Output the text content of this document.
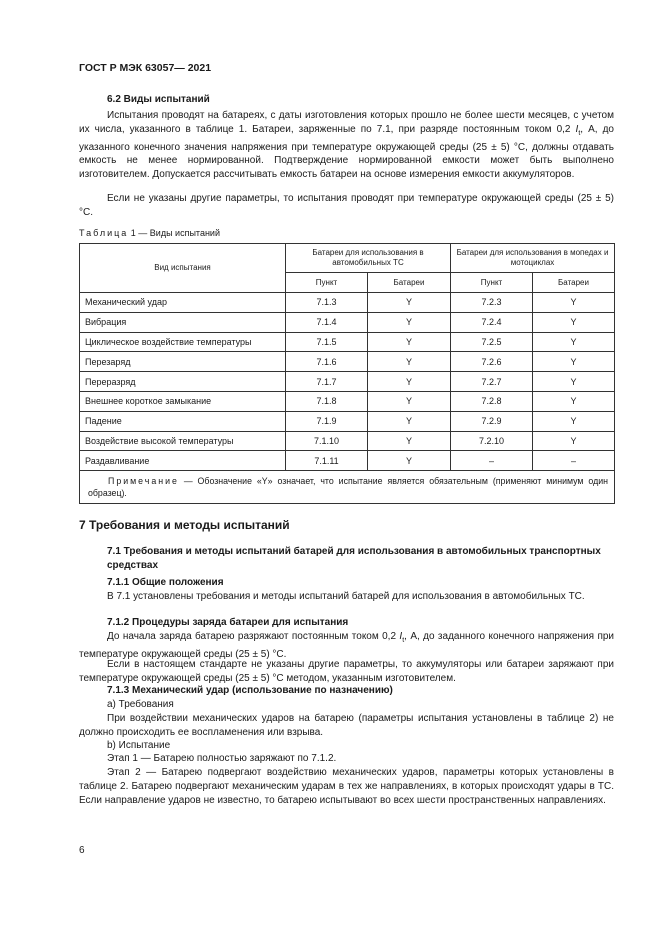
ГОСТ Р МЭК 63057— 2021
6.2 Виды испытаний

Испытания проводят на батареях, с даты изготовления которых прошло не более шести месяцев, с учетом их числа, указанного в таблице 1. Батареи, заряженные по 7.1, при разряде постоянным током 0,2 $I_t$, А, до указанного конечного значения напряжения при температуре окружающей среды (25 ± 5) °С, должны отдавать емкость не менее нормированной. Подтверждение нормированной емкости может быть выполнено изготовителем. Допускается рассчитывать емкость батареи на основе измерения емкости аккумуляторов.

Если не указаны другие параметры, то испытания проводят при температуре окружающей среды (25 ± 5) °С.

Таблица 1 — Виды испытаний
Вид испытания	Батареи для использования в автомобильных ТС		Батареи для использования в мопедах и мотоциклах	
	Пункт	Батареи	Пункт	Батареи
Механический удар	7.1.3	Y	7.2.3	Y
Вибрация	7.1.4	Y	7.2.4	Y
Циклическое воздействие температуры	7.1.5	Y	7.2.5	Y
Перезаряд	7.1.6	Y	7.2.6	Y
Переразряд	7.1.7	Y	7.2.7	Y
Внешнее короткое замыкание	7.1.8	Y	7.2.8	Y
Падение	7.1.9	Y	7.2.9	Y
Воздействие высокой температуры	7.1.10	Y	7.2.10	Y
Раздавливание	7.1.11	Y	–	–
Примечание — Обозначение «Y» означает, что испытание является обязательным (применяют минимум один образец).				
7 Требования и методы испытаний
7.1 Требования и методы испытаний батарей для использования в автомобильных транспортных средствах
7.1.1 Общие положения

В 7.1 установлены требования и методы испытаний батарей для использования в автомобильных ТС.

7.1.2 Процедуры заряда батареи для испытания

До начала заряда батарею разряжают постоянным током 0,2 $I_t$, А, до заданного конечного напряжения при температуре окружающей среды (25 ± 5) °С.

Если в настоящем стандарте не указаны другие параметры, то аккумуляторы или батареи заряжают при температуре окружающей среды (25 ± 5) °С методом, указанным изготовителем.

7.1.3 Механический удар (использование по назначению)

a) Требования

При воздействии механических ударов на батарею (параметры испытания установлены в таблице 2) не должно происходить ее воспламенения или взрыва.

b) Испытание

Этап 1 — Батарею полностью заряжают по 7.1.2.

Этап 2 — Батарею подвергают воздействию механических ударов, параметры которых установлены в таблице 2. Батарею подвергают механическим ударам в тех же направлениях, в которых происходят удары в ТС. Если направление ударов не известно, то батарею испытывают во всех шести пространственных направлениях.

6
